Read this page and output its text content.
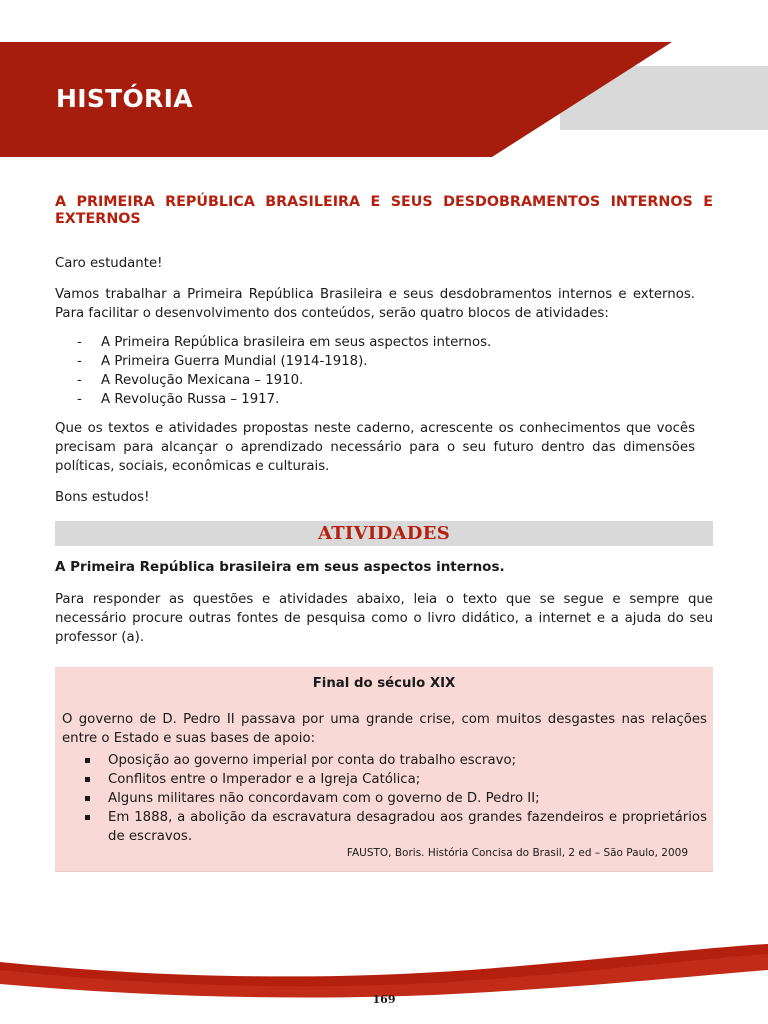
HISTÓRIA
A PRIMEIRA REPÚBLICA BRASILEIRA E SEUS DESDOBRAMENTOS INTERNOS E
EXTERNOS

Caro estudante!

Vamos trabalhar a Primeira República Brasileira e seus desdobramentos internos e externos. Para facilitar o desenvolvimento dos conteúdos, serão quatro blocos de atividades:

- A Primeira República brasileira em seus aspectos internos.
- A Primeira Guerra Mundial (1914-1918).
- A Revolução Mexicana – 1910.
- A Revolução Russa – 1917.

Que os textos e atividades propostas neste caderno, acrescente os conhecimentos que vocês precisam para alcançar o aprendizado necessário para o seu futuro dentro das dimensões políticas, sociais, econômicas e culturais.

Bons estudos!

ATIVIDADES

A Primeira República brasileira em seus aspectos internos.

Para responder as questões e atividades abaixo, leia o texto que se segue e sempre que necessário procure outras fontes de pesquisa como o livro didático, a internet e a ajuda do seu professor (a).

Final do século XIX

O governo de D. Pedro II passava por uma grande crise, com muitos desgastes nas relações entre o Estado e suas bases de apoio:

Oposição ao governo imperial por conta do trabalho escravo;
Conflitos entre o Imperador e a Igreja Católica;
Alguns militares não concordavam com o governo de D. Pedro II;
Em 1888, a abolição da escravatura desagradou aos grandes fazendeiros e proprietários de escravos.

FAUSTO, Boris. História Concisa do Brasil, 2 ed – São Paulo, 2009

169
